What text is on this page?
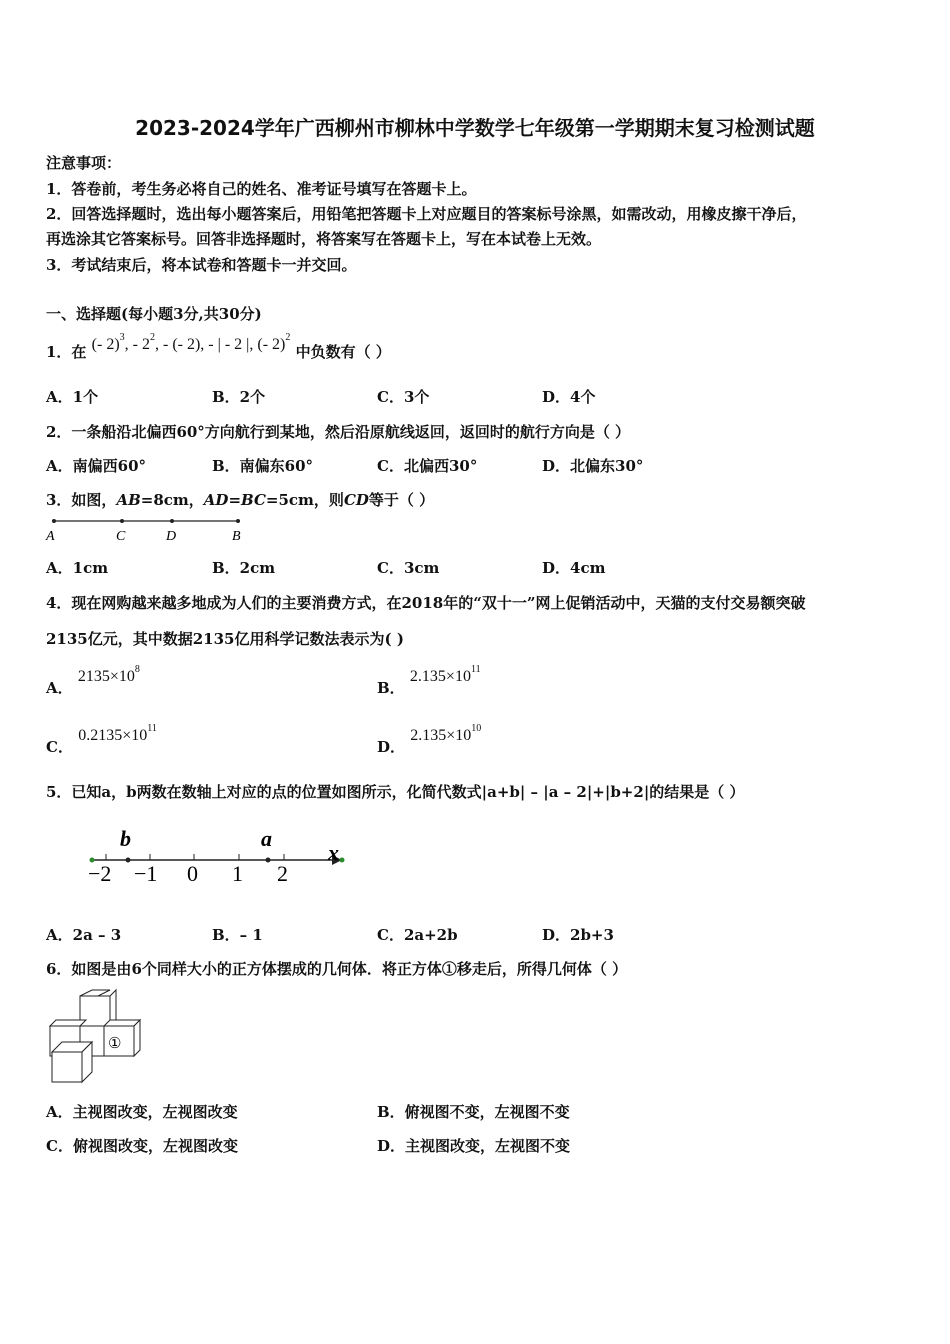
2023-2024学年广西柳州市柳林中学数学七年级第一学期期末复习检测试题
注意事项：
1．答卷前，考生务必将自己的姓名、准考证号填写在答题卡上。
2．回答选择题时，选出每小题答案后，用铅笔把答题卡上对应题目的答案标号涂黑，如需改动，用橡皮擦干净后，
再选涂其它答案标号。回答非选择题时，将答案写在答题卡上，写在本试卷上无效。
3．考试结束后，将本试卷和答题卡一并交回。
一、选择题(每小题3分,共30分)
1．在 (- 2)$^3$, - $2^2$, - (- 2), - | - 2 |, (- 2)$^2$ 中负数有（ ）
A．1个	B．2个	C．3个	D．4个
2．一条船沿北偏西60°方向航行到某地，然后沿原航线返回，返回时的航行方向是（ ）
A．南偏西60°	B．南偏东60°	C．北偏西30°	D．北偏东30°
3．如图，AB=8cm，AD=BC=5cm，则CD等于（ ）
A	C	D	B
A．1cm	B．2cm	C．3cm	D．4cm
4．现在网购越来越多地成为人们的主要消费方式，在2018年的“双十一”网上促销活动中，天猫的支付交易额突破
2135亿元，其中数据2135亿用科学记数法表示为( )
A． $2135\times 10^8$
B． $2.135\times 10^{11}$
C． $0.2135\times 10^{11}$
D． $2.135\times 10^{10}$
5．已知a，b两数在数轴上对应的点的位置如图所示，化简代数式|a+b| – |a – 2|+|b+2|的结果是（ ）
b	a
x
−2 −1 0 1 2
A．2a – 3	B．– 1	C．2a+2b	D．2b+3
6．如图是由6个同样大小的正方体摆成的几何体．将正方体①移走后，所得几何体（ ）
①
A．主视图改变，左视图改变	B．俯视图不变，左视图不变
C．俯视图改变，左视图改变	D．主视图改变，左视图不变
